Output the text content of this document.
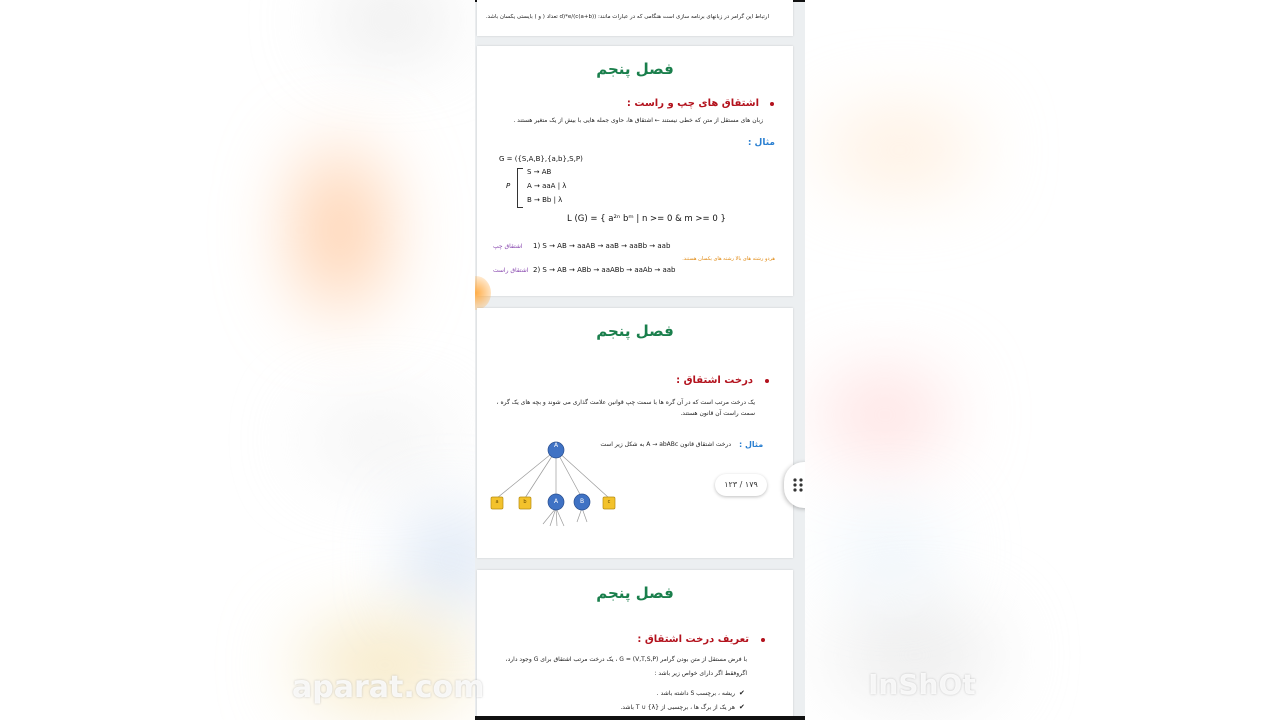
ارتباط این گرامر در زبانهای برنامه سازی است هنگامی که در عبارات مانند: ((a+b)c)/d)*e تعداد ( و ) بایستی یکسان باشد.
فصل پنجم
اشتقاق های چپ و راست :
زبان های مستقل از متن که خطی نیستند ← اشتقاق ها، حاوی جمله هایی با بیش از یک متغیر هستند .
مثال :
G = ({S,A,B},{a,b},S,P)
P
S → AB
A → aaA | λ
B → Bb | λ
L (G) = { a²ⁿ bᵐ | n >= 0 & m >= 0 }
اشتقاق چپ 1) S → AB → aaAB → aaB → aaBb → aab
هردو رشته های بالا رشته های یکسان هستند.
اشتقاق راست 2) S → AB → ABb → aaABb → aaAb → aab
فصل پنجم
درخت اشتقاق :
یک درخت مرتب است که در آن گره ها با سمت چپ قوانین علامت گذاری می شوند و بچه های یک گره ،
سمت راست آن قانون هستند.
مثال :
درخت اشتقاق قانون A → abABc به شکل زیر است
A
a	b	A	B	c
فصل پنجم
تعریف درخت اشتقاق :
با فرض مستقل از متن بودن گرامر G = (V,T,S,P) ، یک درخت مرتب اشتقاق برای G وجود دارد،
اگروفقط اگر دارای خواص زیر باشد :
✔
ریشه ، برچسب S داشته باشد .
✔
هر یک از برگ ها ، برچسبی از T ∪ {λ} باشد.
۱۲۳ / ۱۷۹
aparat.com	InShOt
